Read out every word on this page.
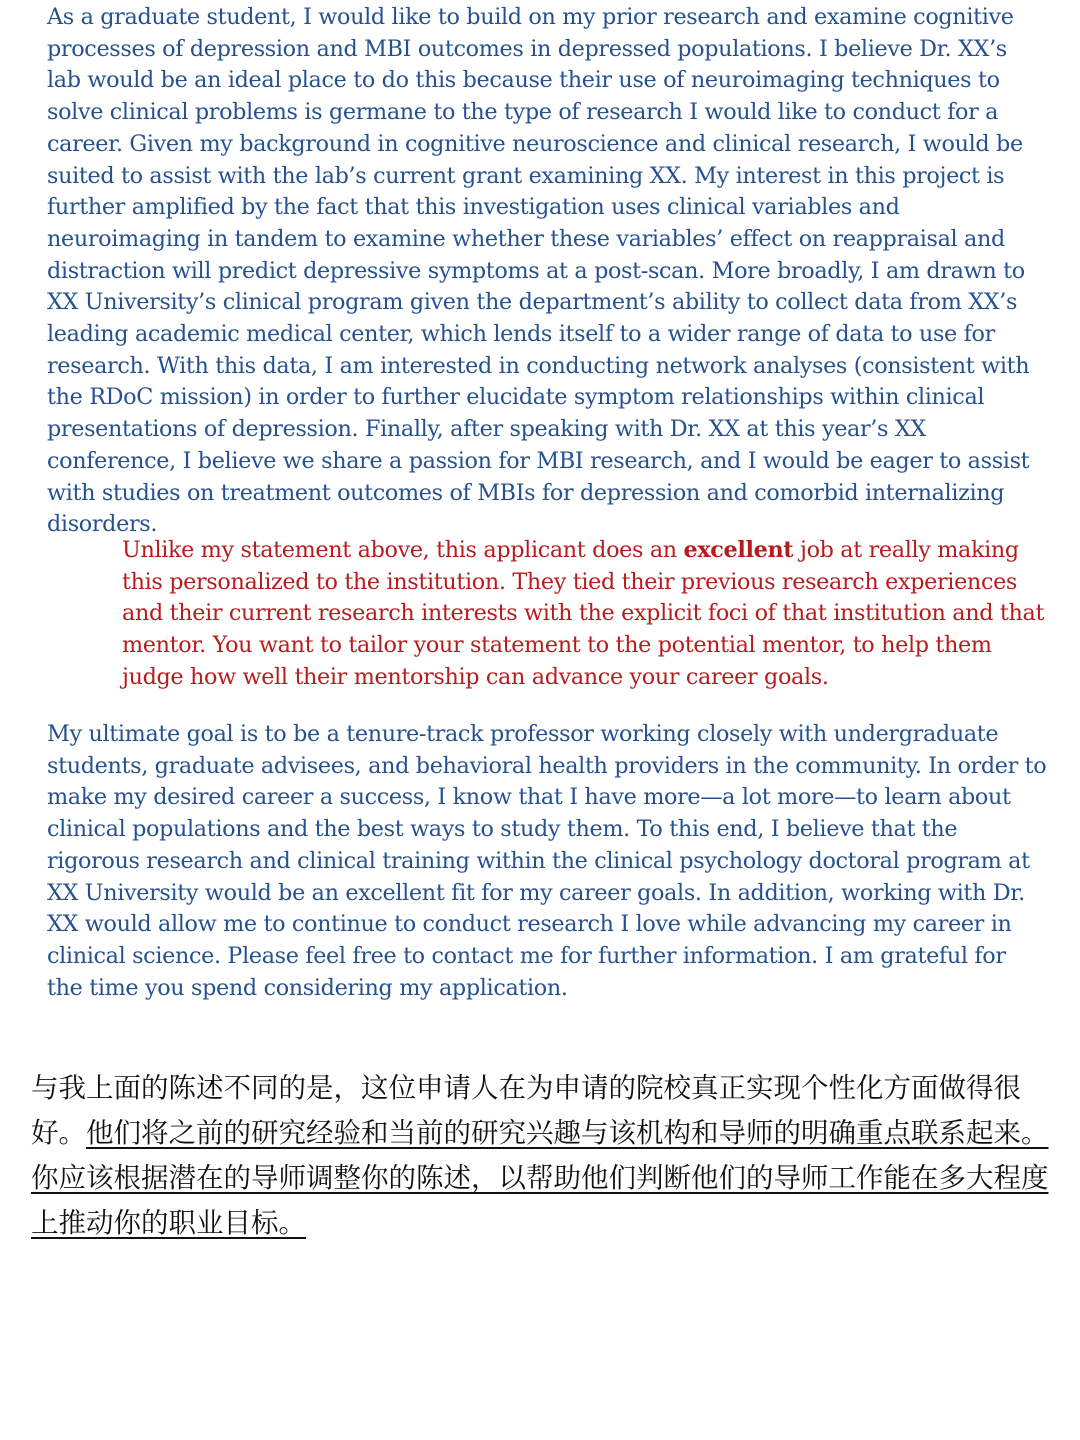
As a graduate student, I would like to build on my prior research and examine cognitive processes of depression and MBI outcomes in depressed populations. I believe Dr. XX’s lab would be an ideal place to do this because their use of neuroimaging techniques to solve clinical problems is germane to the type of research I would like to conduct for a career. Given my background in cognitive neuroscience and clinical research, I would be suited to assist with the lab’s current grant examining XX. My interest in this project is further amplified by the fact that this investigation uses clinical variables and neuroimaging in tandem to examine whether these variables’ effect on reappraisal and distraction will predict depressive symptoms at a post-scan. More broadly, I am drawn to XX University’s clinical program given the department’s ability to collect data from XX’s leading academic medical center, which lends itself to a wider range of data to use for research. With this data, I am interested in conducting network analyses (consistent with the RDoC mission) in order to further elucidate symptom relationships within clinical presentations of depression. Finally, after speaking with Dr. XX at this year’s XX conference, I believe we share a passion for MBI research, and I would be eager to assist with studies on treatment outcomes of MBIs for depression and comorbid internalizing disorders.

Unlike my statement above, this applicant does an excellent job at really making this personalized to the institution. They tied their previous research experiences and their current research interests with the explicit foci of that institution and that mentor. You want to tailor your statement to the potential mentor, to help them judge how well their mentorship can advance your career goals.

My ultimate goal is to be a tenure-track professor working closely with undergraduate students, graduate advisees, and behavioral health providers in the community. In order to make my desired career a success, I know that I have more—a lot more—to learn about clinical populations and the best ways to study them. To this end, I believe that the rigorous research and clinical training within the clinical psychology doctoral program at XX University would be an excellent fit for my career goals. In addition, working with Dr. XX would allow me to continue to conduct research I love while advancing my career in clinical science. Please feel free to contact me for further information. I am grateful for the time you spend considering my application.

与我上面的陈述不同的是，这位申请人在为申请的院校真正实现个性化方面做得很好。他们将之前的研究经验和当前的研究兴趣与该机构和导师的明确重点联系起来。你应该根据潜在的导师调整你的陈述，以帮助他们判断他们的导师工作能在多大程度上推动你的职业目标。
